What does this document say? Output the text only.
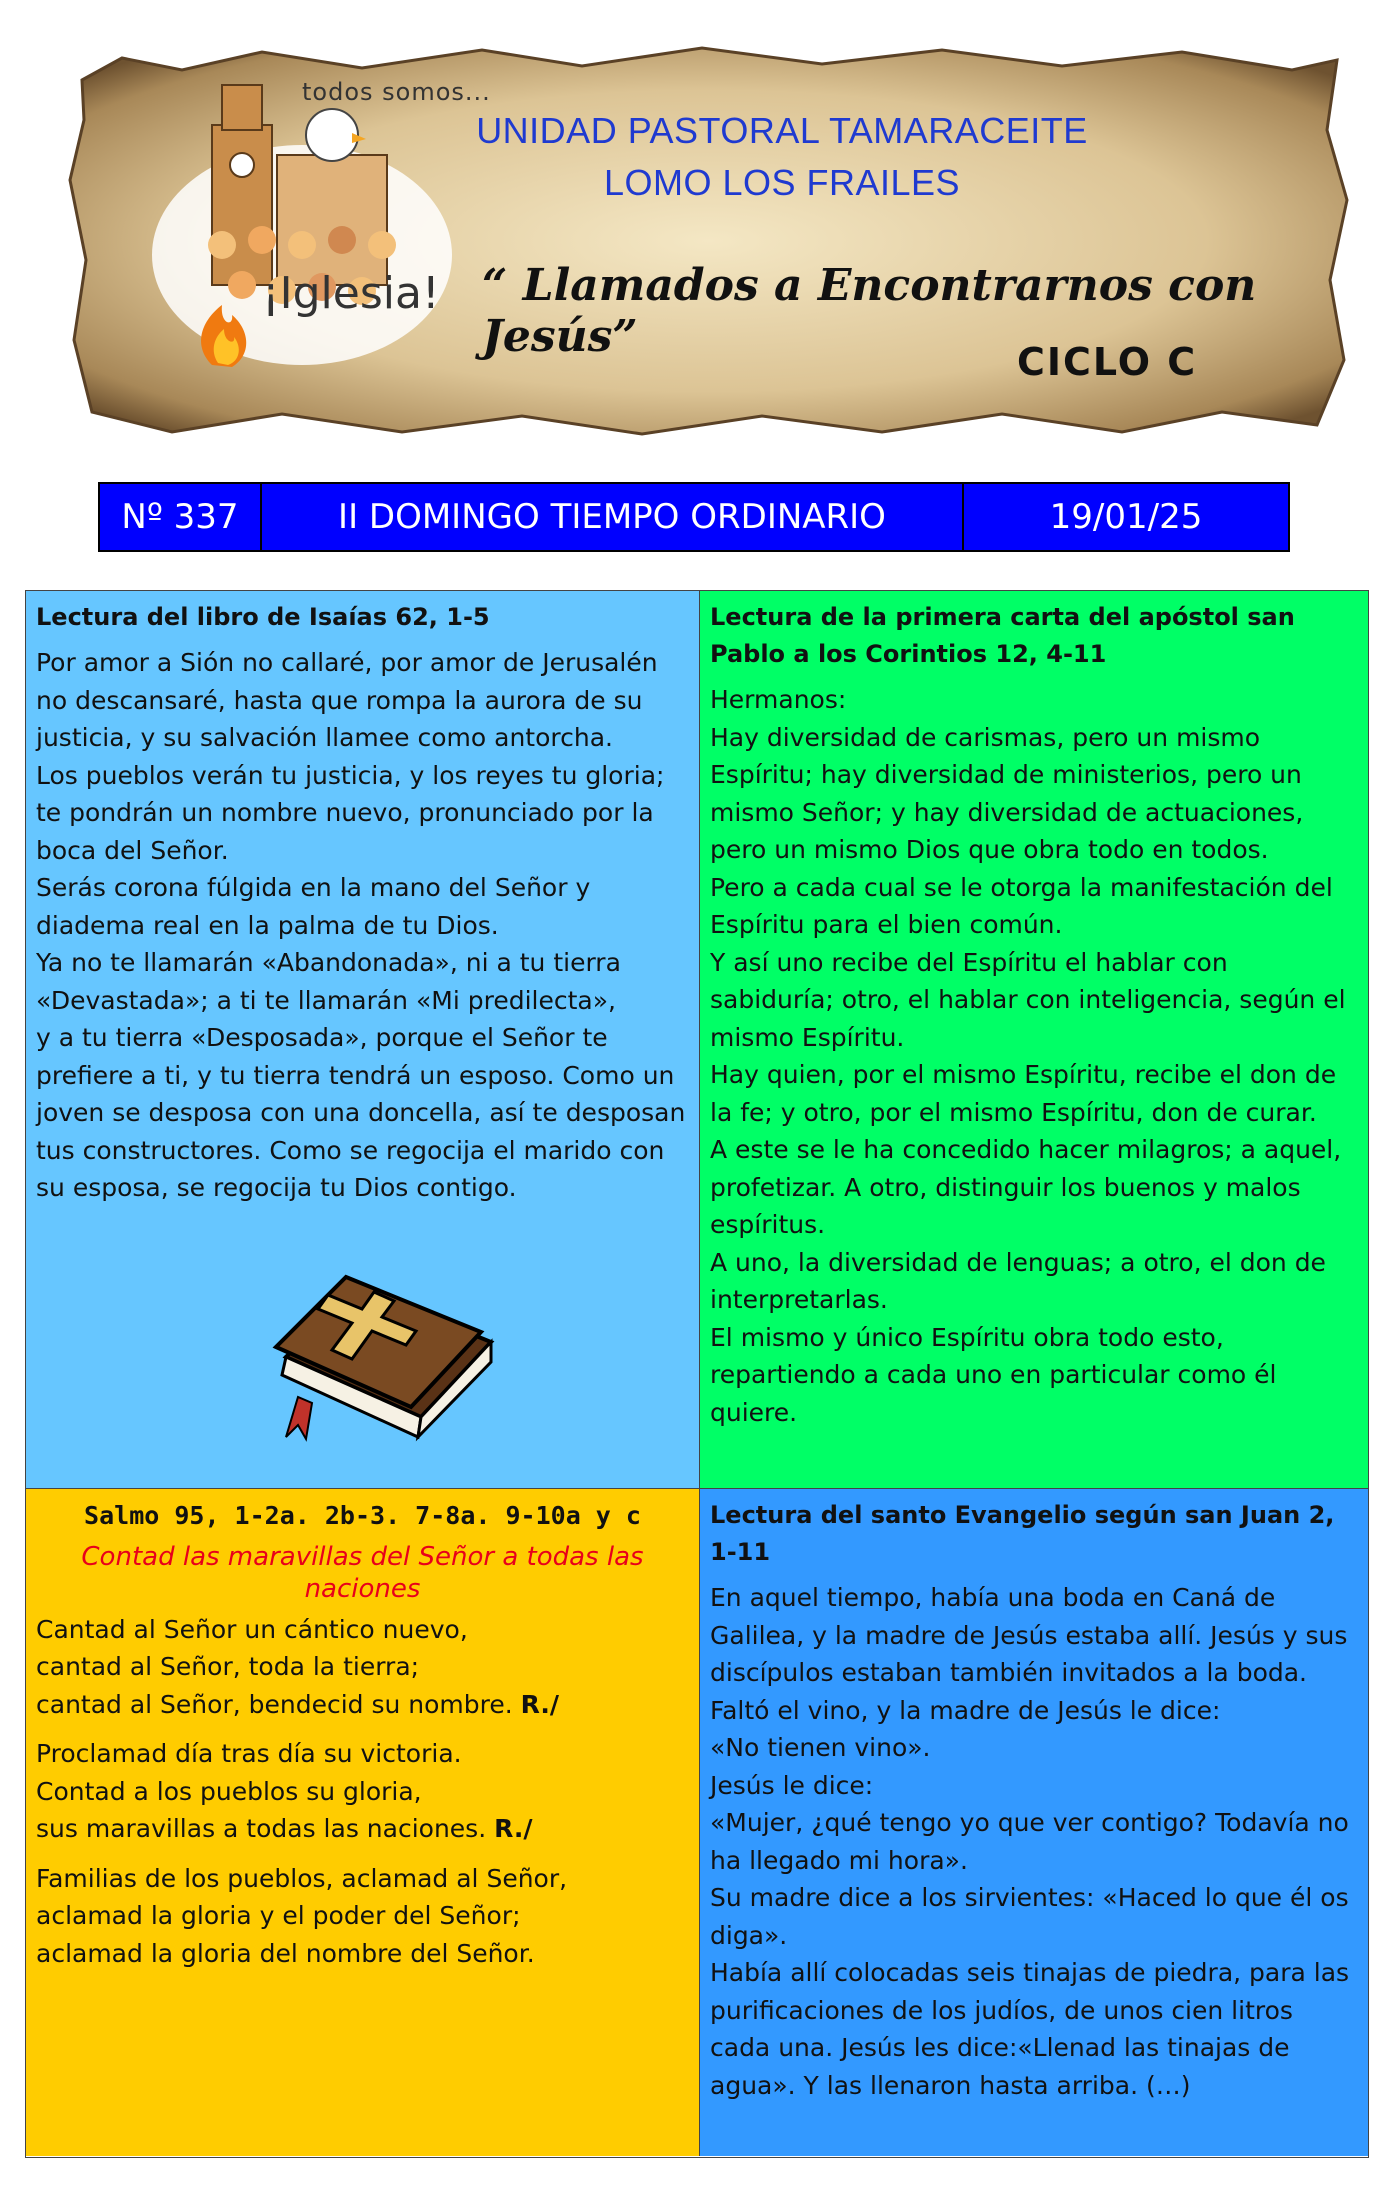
todos somos...
¡Iglesia!
UNIDAD PASTORAL TAMARACEITE
LOMO LOS FRAILES
“ Llamados a Encontrarnos con Jesús”	CICLO C
Nº 337	II DOMINGO TIEMPO ORDINARIO	19/01/25
Lectura del libro de Isaías 62, 1-5

Por amor a Sión no callaré, por amor de Jerusalén no descansaré, hasta que rompa la aurora de su justicia, y su salvación llamee como antorcha.

Los pueblos verán tu justicia, y los reyes tu gloria; te pondrán un nombre nuevo, pronunciado por la boca del Señor.

Serás corona fúlgida en la mano del Señor y diadema real en la palma de tu Dios.

Ya no te llamarán «Abandonada», ni a tu tierra «Devastada»; a ti te llamarán «Mi predilecta»,

y a tu tierra «Desposada», porque el Señor te prefiere a ti, y tu tierra tendrá un esposo. Como un joven se desposa con una doncella, así te desposan tus constructores. Como se regocija el marido con su esposa, se regocija tu Dios contigo.

Lectura de la primera carta del apóstol san Pablo a los Corintios 12, 4-11

Hermanos:

Hay diversidad de carismas, pero un mismo Espíritu; hay diversidad de ministerios, pero un mismo Señor; y hay diversidad de actuaciones, pero un mismo Dios que obra todo en todos.

Pero a cada cual se le otorga la manifestación del Espíritu para el bien común.

Y así uno recibe del Espíritu el hablar con sabiduría; otro, el hablar con inteligencia, según el mismo Espíritu.

Hay quien, por el mismo Espíritu, recibe el don de la fe; y otro, por el mismo Espíritu, don de curar.

A este se le ha concedido hacer milagros; a aquel, profetizar. A otro, distinguir los buenos y malos espíritus.

A uno, la diversidad de lenguas; a otro, el don de interpretarlas.

El mismo y único Espíritu obra todo esto, repartiendo a cada uno en particular como él quiere.

Salmo 95, 1-2a. 2b-3. 7-8a. 9-10a y c
Contad las maravillas del Señor a todas las naciones
Cantad al Señor un cántico nuevo,
cantad al Señor, toda la tierra;
cantad al Señor, bendecid su nombre. R./
Proclamad día tras día su victoria.
Contad a los pueblos su gloria,
sus maravillas a todas las naciones. R./
Familias de los pueblos, aclamad al Señor,
aclamad la gloria y el poder del Señor;
aclamad la gloria del nombre del Señor.
Lectura del santo Evangelio según san Juan 2, 1-11

En aquel tiempo, había una boda en Caná de Galilea, y la madre de Jesús estaba allí. Jesús y sus discípulos estaban también invitados a la boda.

Faltó el vino, y la madre de Jesús le dice:

«No tienen vino».

Jesús le dice:

«Mujer, ¿qué tengo yo que ver contigo? Todavía no ha llegado mi hora».

Su madre dice a los sirvientes: «Haced lo que él os diga».

Había allí colocadas seis tinajas de piedra, para las purificaciones de los judíos, de unos cien litros cada una. Jesús les dice:«Llenad las tinajas de agua». Y las llenaron hasta arriba. (…)
